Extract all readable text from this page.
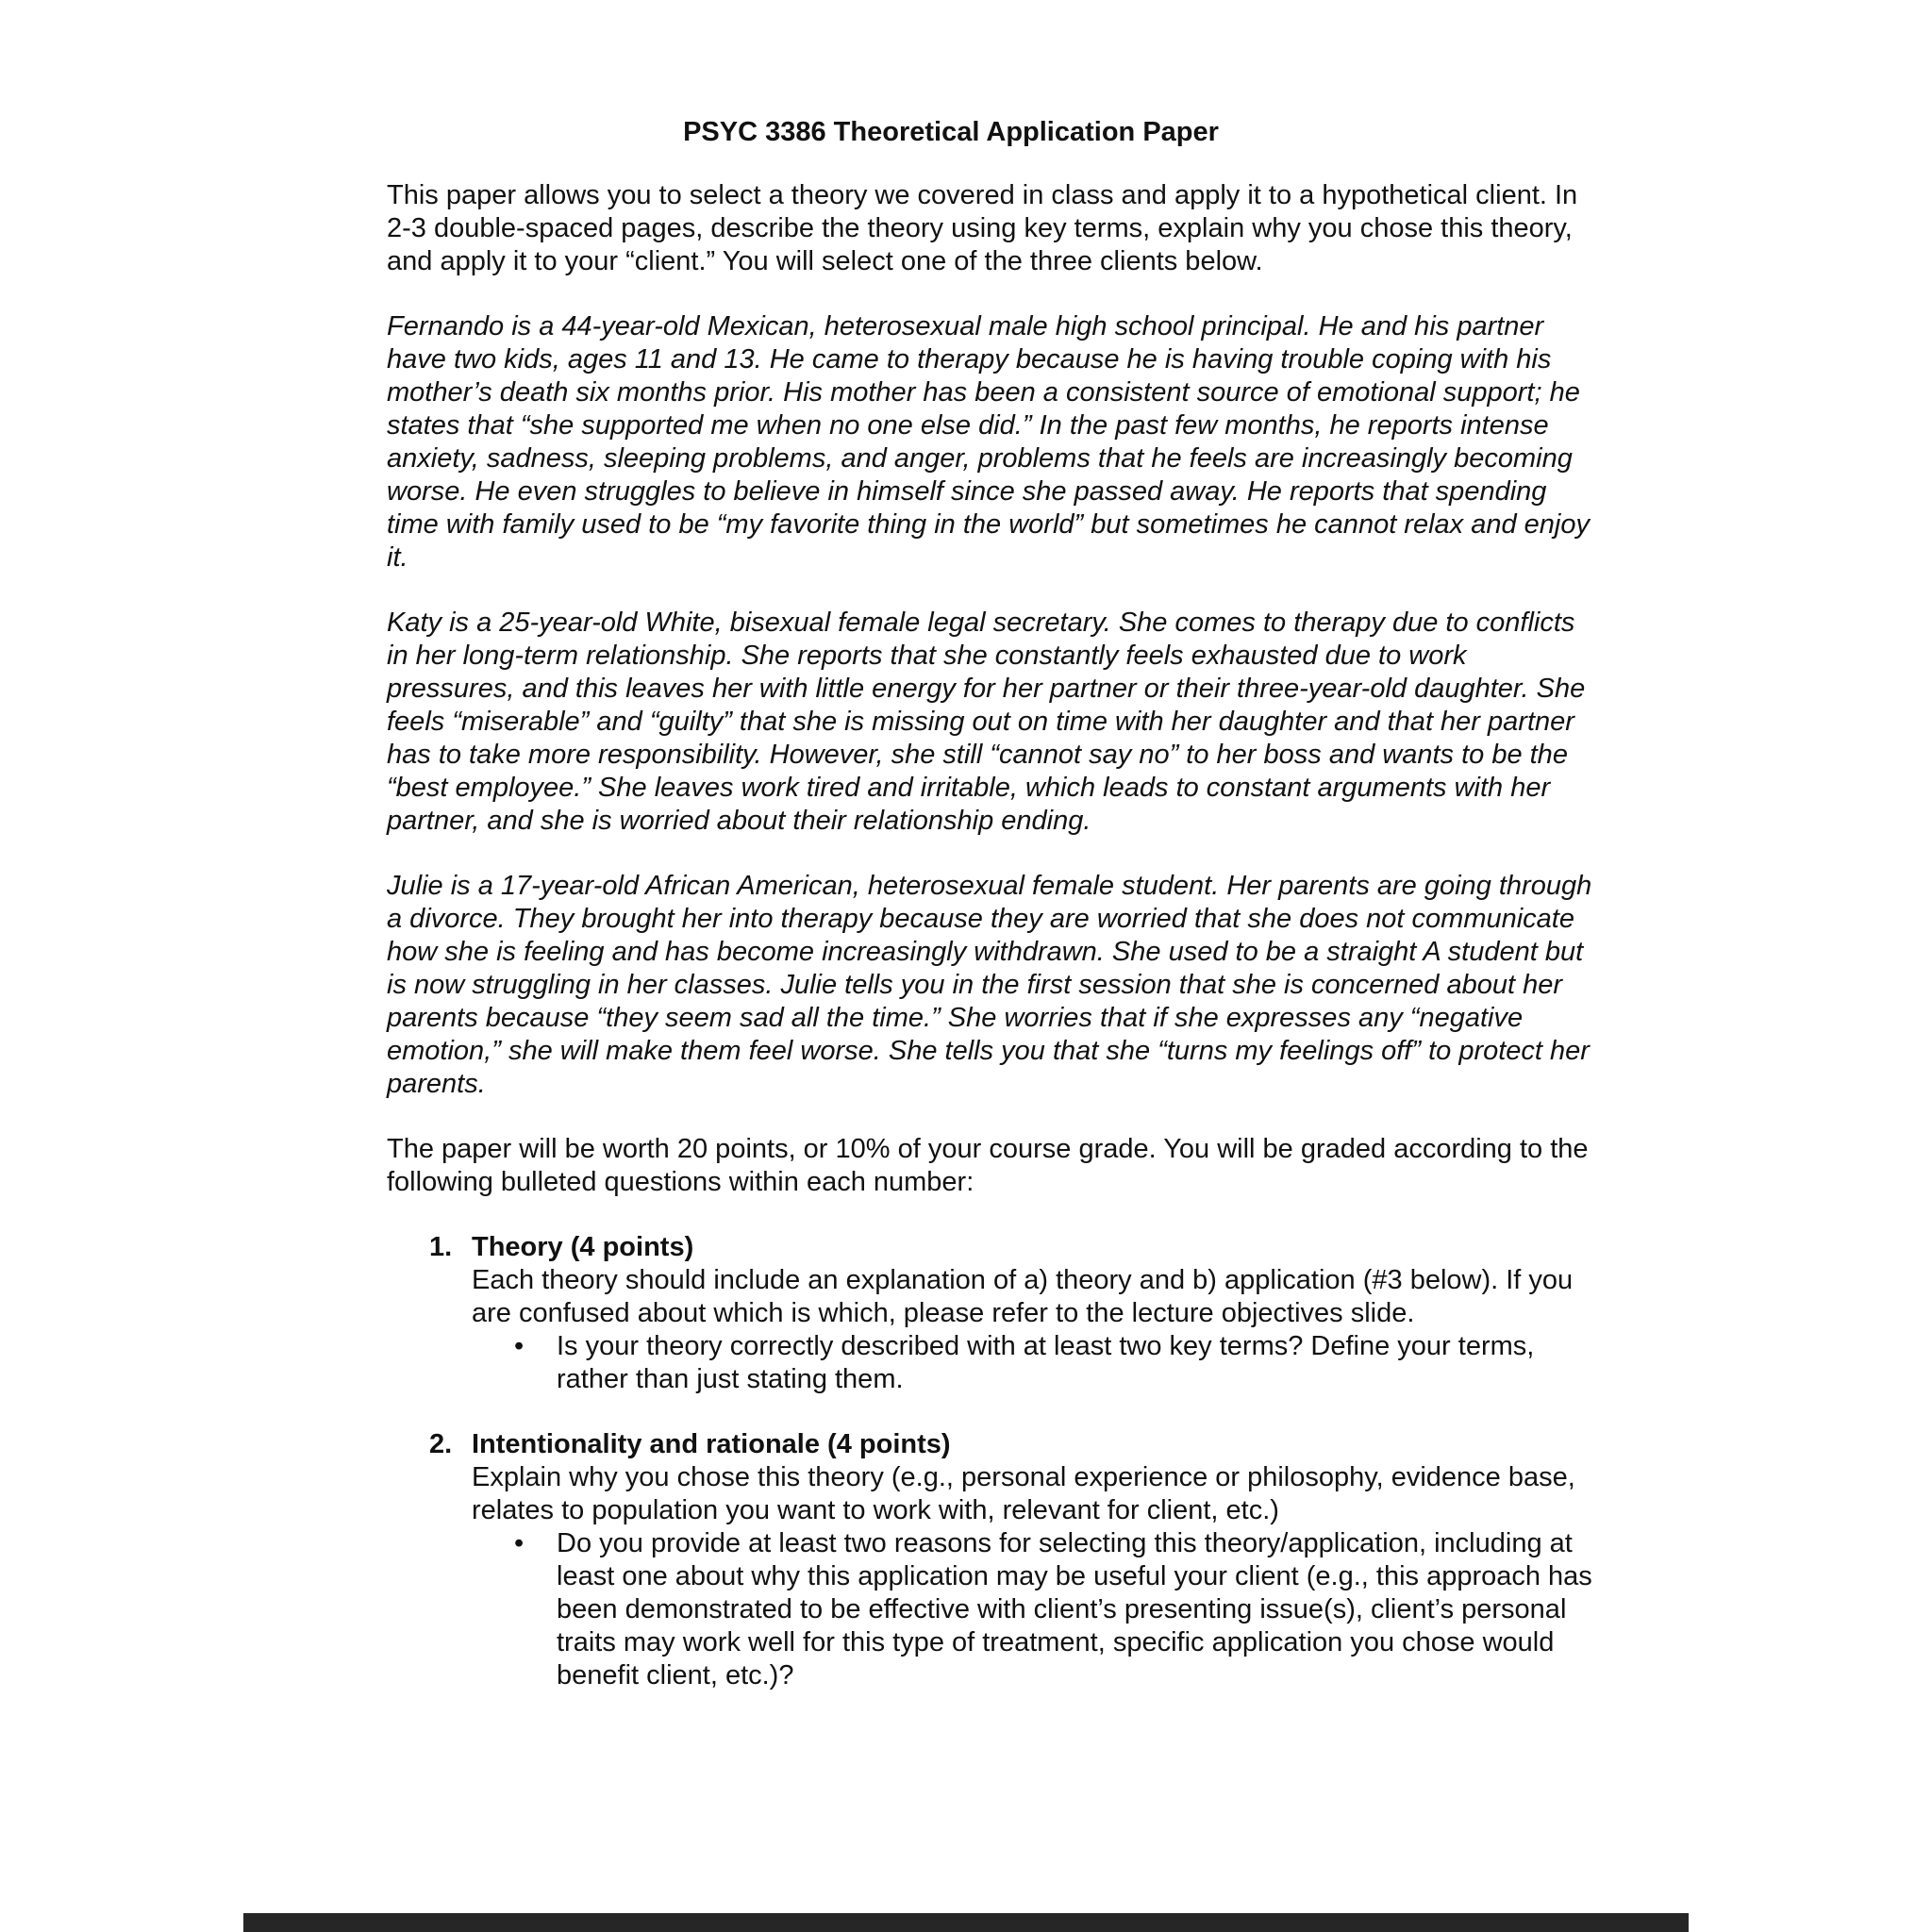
PSYC 3386 Theoretical Application Paper

This paper allows you to select a theory we covered in class and apply it to a hypothetical client. In 2-3 double-spaced pages, describe the theory using key terms, explain why you chose this theory, and apply it to your “client.” You will select one of the three clients below.

Fernando is a 44-year-old Mexican, heterosexual male high school principal. He and his partner have two kids, ages 11 and 13. He came to therapy because he is having trouble coping with his mother’s death six months prior. His mother has been a consistent source of emotional support; he states that “she supported me when no one else did.” In the past few months, he reports intense anxiety, sadness, sleeping problems, and anger, problems that he feels are increasingly becoming worse. He even struggles to believe in himself since she passed away. He reports that spending time with family used to be “my favorite thing in the world” but sometimes he cannot relax and enjoy it.

Katy is a 25-year-old White, bisexual female legal secretary. She comes to therapy due to conflicts in her long-term relationship. She reports that she constantly feels exhausted due to work pressures, and this leaves her with little energy for her partner or their three-year-old daughter. She feels “miserable” and “guilty” that she is missing out on time with her daughter and that her partner has to take more responsibility. However, she still “cannot say no” to her boss and wants to be the “best employee.” She leaves work tired and irritable, which leads to constant arguments with her partner, and she is worried about their relationship ending.

Julie is a 17-year-old African American, heterosexual female student. Her parents are going through a divorce. They brought her into therapy because they are worried that she does not communicate how she is feeling and has become increasingly withdrawn. She used to be a straight A student but is now struggling in her classes. Julie tells you in the first session that she is concerned about her parents because “they seem sad all the time.” She worries that if she expresses any “negative emotion,” she will make them feel worse. She tells you that she “turns my feelings off” to protect her parents.

The paper will be worth 20 points, or 10% of your course grade. You will be graded according to the following bulleted questions within each number:

1. Theory (4 points)
Each theory should include an explanation of a) theory and b) application (#3 below). If you are confused about which is which, please refer to the lecture objectives slide.
• Is your theory correctly described with at least two key terms? Define your terms, rather than just stating them.
2. Intentionality and rationale (4 points)
Explain why you chose this theory (e.g., personal experience or philosophy, evidence base, relates to population you want to work with, relevant for client, etc.)
• Do you provide at least two reasons for selecting this theory/application, including at least one about why this application may be useful your client (e.g., this approach has been demonstrated to be effective with client’s presenting issue(s), client’s personal traits may work well for this type of treatment, specific application you chose would benefit client, etc.)?
